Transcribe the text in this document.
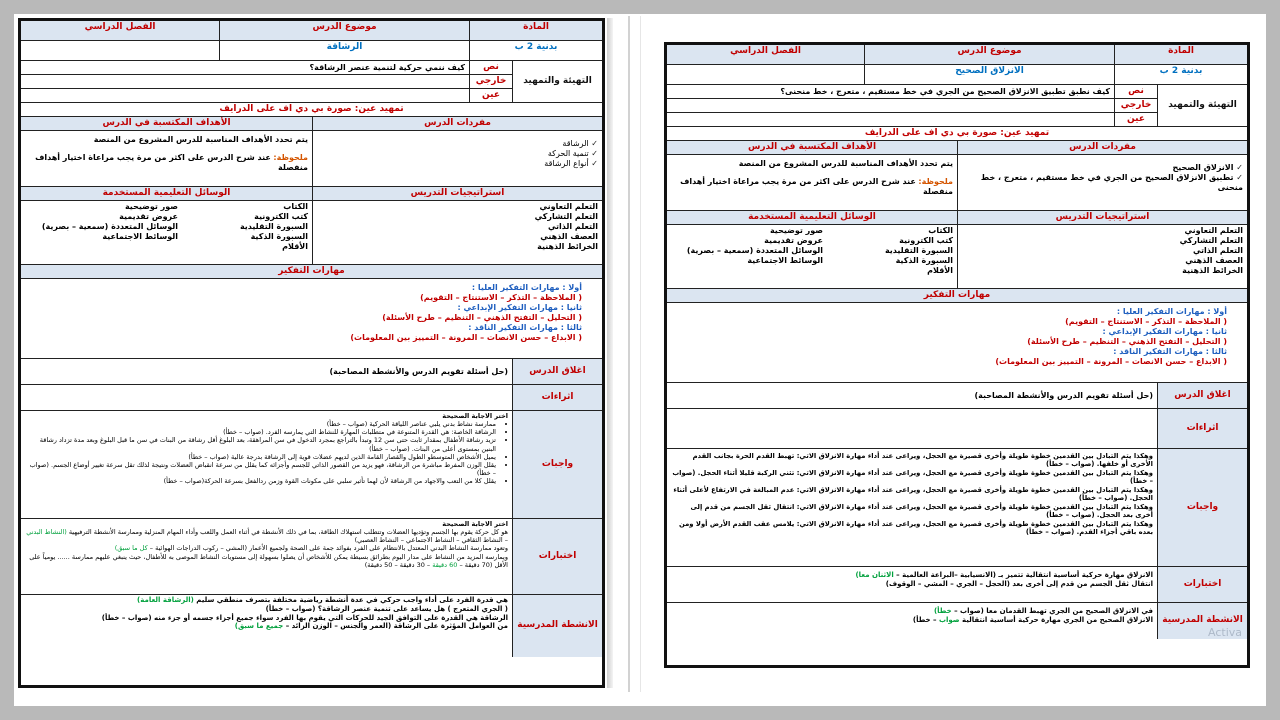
المادة
موضوع الدرس
الفصل الدراسي
بدنية 2 ب
الرشاقة
التهيئة والتمهيد
نص
خارجي
عين
كيف ننمي حركية لتنمية عنصر الرشاقة؟
تمهيد عين: صورة بي دي اف على الدرايف
مفردات الدرس
الأهداف المكتسبة في الدرس
✓ الرشاقة
✓ تنمية الحركة
✓ أنواع الرشاقة
يتم تحدد الأهداف المناسبة للدرس المشروع من المنصة
ملحوظة: عند شرح الدرس على اكثر من مرة يجب مراعاة اختيار أهداف منفصلة
استراتيجيات التدريس
الوسائل التعليمية المستخدمة
التعلم التعاوني
التعلم التشاركي
التعلم الذاتي
العصف الذهني
الخرائط الذهنية
الكتاب
كتب الكترونية
السبورة التقليدية
السبورة الذكية
الأقلام
صور توضيحية
عروض تقديمية
الوسائل المتعددة (سمعية – بصرية)
الوسائط الاجتماعية
مهارات التفكير
أولا : مهارات التفكير العليا :
( الملاحظة – التذكر – الاستنتاج – التقويم)
ثانيا : مهارات التفكير الإبداعي :
( التحليل – التفتح الذهني – التنظيم – طرح الأسئلة)
ثالثا : مهارات التفكير الناقد :
( الابداع – حسن الانصات – المرونة – التمييز بين المعلومات)
اغلاق الدرس
(حل أسئلة تقويم الدرس والأنشطة المصاحبة)
اثراءات
واجبات
اختر الاجابة الصحيحة
• ممارسة نشاط بدني يلبي عناصر اللياقة الحركية (صواب – خطأ)
• الرشاقة الخاصة: هي القدرة المتنوعة في متطلبات المهارة للنشاط التي يمارسه الفرد. (صواب – خطأ)
• تزيد رشاقة الأطفال بمقدار ثابت حتى سن 12 وتبدأ بالتراجع بمجرد الدخول في سن المراهقة، بعد البلوغ أقل رشاقة من البنات في سن ما قبل البلوغ وبعد مدة تزداد رشاقة البنين بمستوى أعلى من البنات. (صواب – خطأ)
• يميل الأشخاص المتوسطو الطول والقصار القامة الذين لديهم عضلات قوية إلى الرشاقة بدرجة عالية (صواب – خطأ)
• يقلل الوزن المفرط مباشرة من الرشاقة، فهو يزيد من القصور الذاتي للجسم وأجزائه كما يقلل من سرعة انقباض العضلات ونتيجة لذلك تقل سرعة تغيير أوضاع الجسم. (صواب – خطأ)
• يقلل كلا من التعب والاجهاد من الرشاقة لأن لهما تأثير سلبي على مكونات القوة وزمن ردالفعل بسرعة الحركة(صواب – خطأ)
اختبارات
اختر الاجابة الصحيحة
هو كل حركة يقوم بها الجسم وتؤديها العضلات وتتطلب استهلاك الطاقة، بما في ذلك الأنشطة في أثناء العمل واللعب وأداء المهام المنزلية وممارسة الأنشطة الترفيهية (النشاط البدني – النشاط الثقافي – النشاط الاجتماعي – النشاط العصبي)
وتعود ممارسة النشاط البدني المعتدل بالانتظام على الفرد بفوائد جمة على الصحة ولجميع الأعمار (المشي – ركوب الدراجات الهوائية – كل ما سبق)
ويمارسه المزيد من النشاط على مدار اليوم بطرائق بسيطة يمكن للأشخاص أن يصلوا بسهولة إلى مستويات النشاط الموصى به للأطفال، حيث ينبغي عليهم ممارسة ...... يومياً على الأقل (70 دقيقة – 60 دقيقة – 30 دقيقة – 50 دقيقة)
الانشطة المدرسية
هي قدرة الفرد على أداء واجب حركي في عدة أنشطة رياضية مختلفة بتصرف منطقي سليم (الرشاقة العامة)
( الجري المتعرج ) هل يساعد على تنمية عنصر الرشاقة؟ (صواب – خطأ)
الرشاقة هي القدرة على التوافق الجيد للحركات التي يقوم بها الفرد سواء جميع أجزاء جسمه أو جزء منه (صواب – خطأ)
من العوامل المؤثرة على الرشاقة (العمر والجنس – الوزن الزائد – جميع ما سبق)
المادة
موضوع الدرس
الفصل الدراسي
بدنية 2 ب
الانزلاق الصحيح
التهيئة والتمهيد
نص
خارجي
عين
كيف نطبق تطبيق الانزلاق الصحيح من الجري في خط مستقيم ، متعرج ، خط منحنى؟
تمهيد عين: صورة بي دي اف على الدرايف
مفردات الدرس
الأهداف المكتسبة في الدرس
✓ الانزلاق الصحيح
✓ تطبيق الانزلاق الصحيح من الجري في خط مستقيم ، متعرج ، خط منحنى
يتم تحدد الأهداف المناسبة للدرس المشروع من المنصة
ملحوظة: عند شرح الدرس على اكثر من مرة يجب مراعاة اختيار أهداف منفصلة
استراتيجيات التدريس
الوسائل التعليمية المستخدمة
التعلم التعاوني
التعلم التشاركي
التعلم الذاتي
العصف الذهني
الخرائط الذهنية
الكتاب
كتب الكترونية
السبورة التقليدية
السبورة الذكية
الأقلام
صور توضيحية
عروض تقديمية
الوسائل المتعددة (سمعية – بصرية)
الوسائط الاجتماعية
مهارات التفكير
أولا : مهارات التفكير العليا :
( الملاحظة – التذكر – الاستنتاج – التقويم)
ثانيا : مهارات التفكير الإبداعي :
( التحليل – التفتح الذهني – التنظيم – طرح الأسئلة)
ثالثا : مهارات التفكير الناقد :
( الابداع – حسن الانصات – المرونة – التمييز بين المعلومات)
اغلاق الدرس
(حل أسئلة تقويم الدرس والأنشطة المصاحبة)
اثراءات
واجبات
وهكذا يتم التبادل بين القدمين خطوة طويلة وأخرى قصيرة مع الحجل، ويراعى عند أداء مهارة الانزلاق الاتي: تهبط القدم الحرة بجانب القدم الأخرى أو خلفها. (صواب – خطأ)
وهكذا يتم التبادل بين القدمين خطوة طويلة وأخرى قصيرة مع الحجل، ويراعى عند أداء مهارة الانزلاق الاتي: تثني الركبة قليلا أثناء الحجل. (صواب – خطأ)
وهكذا يتم التبادل بين القدمين خطوة طويلة وأخرى قصيرة مع الحجل، ويراعى عند أداء مهارة الانزلاق الاتي: عدم المبالغة في الارتفاع لأعلى أثناء الحجل. (صواب – خطأ)
وهكذا يتم التبادل بين القدمين خطوة طويلة وأخرى قصيرة مع الحجل، ويراعى عند أداء مهارة الانزلاق الاتي: انتقال ثقل الجسم من قدم إلى أخرى بعد الحجل. (صواب – خطأ)
وهكذا يتم التبادل بين القدمين خطوة طويلة وأخرى قصيرة مع الحجل، ويراعى عند أداء مهارة الانزلاق الاتي: يلامس عقب القدم الأرض أولا ومن بعده باقي أجزاء القدم. (صواب – خطأ)
اختبارات
الانزلاق مهارة حركية أساسية انتقالية تتميز بـ (الانسيابية –البراعة العالمية – الاثنان معا)
انتقال ثقل الجسم من قدم إلى أخرى بعد (الحجل – الجري – المشي – الوقوف)
الانشطة المدرسية
في الانزلاق الصحيح من الجري تهبط القدمان معا (صواب – خطأ)
الانزلاق الصحيح من الجري مهارة حركية أساسية انتقالية صواب – خطأ)
Activa
